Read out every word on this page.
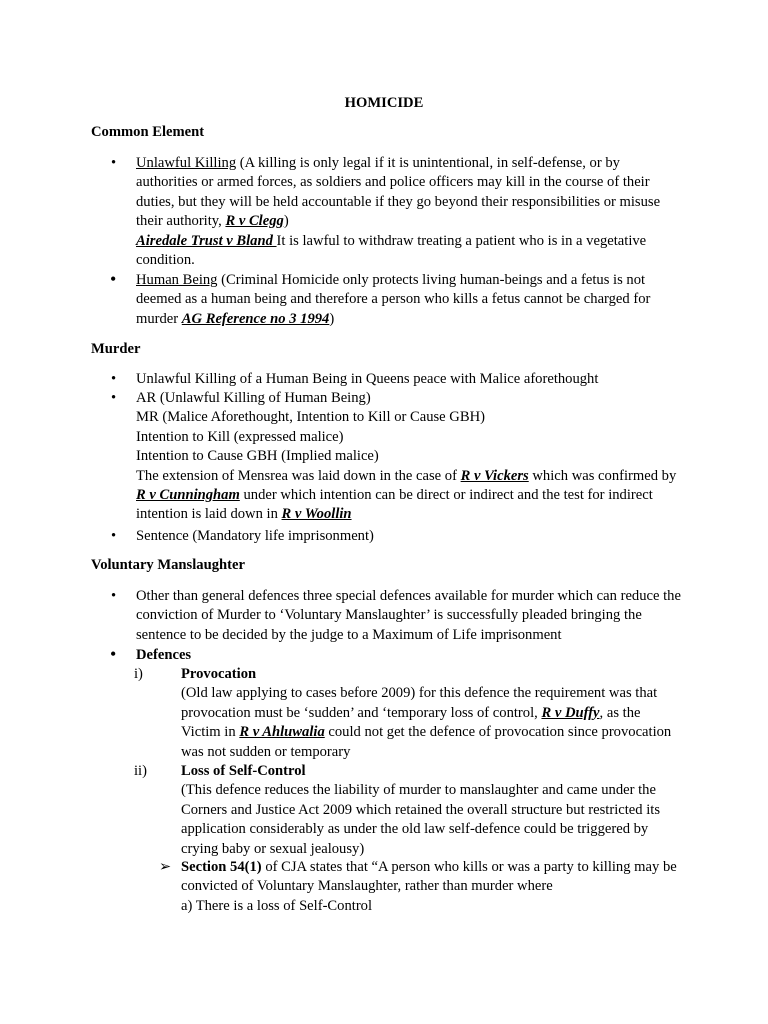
HOMICIDE
Common Element
• Unlawful Killing (A killing is only legal if it is unintentional, in self-defense, or by authorities or armed forces, as soldiers and police officers may kill in the course of their duties, but they will be held accountable if they go beyond their responsibilities or misuse their authority, R v Clegg)

Airedale Trust v Bland It is lawful to withdraw treating a patient who is in a vegetative condition.

• Human Being (Criminal Homicide only protects living human-beings and a fetus is not deemed as a human being and therefore a person who kills a fetus cannot be charged for murder AG Reference no 3 1994)

Murder
• Unlawful Killing of a Human Being in Queens peace with Malice aforethought

• AR (Unlawful Killing of Human Being)

MR (Malice Aforethought, Intention to Kill or Cause GBH)

Intention to Kill (expressed malice)

Intention to Cause GBH (Implied malice)

The extension of Mensrea was laid down in the case of R v Vickers which was confirmed by R v Cunningham under which intention can be direct or indirect and the test for indirect intention is laid down in R v Woollin

• Sentence (Mandatory life imprisonment)

Voluntary Manslaughter
• Other than general defences three special defences available for murder which can reduce the conviction of Murder to ‘Voluntary Manslaughter’ is successfully pleaded bringing the sentence to be decided by the judge to a Maximum of Life imprisonment

• Defences

i)	Provocation

(Old law applying to cases before 2009) for this defence the requirement was that provocation must be ‘sudden’ and ‘temporary loss of control, R v Duffy, as the Victim in R v Ahluwalia could not get the defence of provocation since provocation was not sudden or temporary

ii) Loss of Self-Control

(This defence reduces the liability of murder to manslaughter and came under the Corners and Justice Act 2009 which retained the overall structure but restricted its application considerably as under the old law self-defence could be triggered by crying baby or sexual jealousy)

➢ Section 54(1) of CJA states that “A person who kills or was a party to killing may be convicted of Voluntary Manslaughter, rather than murder where

a) There is a loss of Self-Control
